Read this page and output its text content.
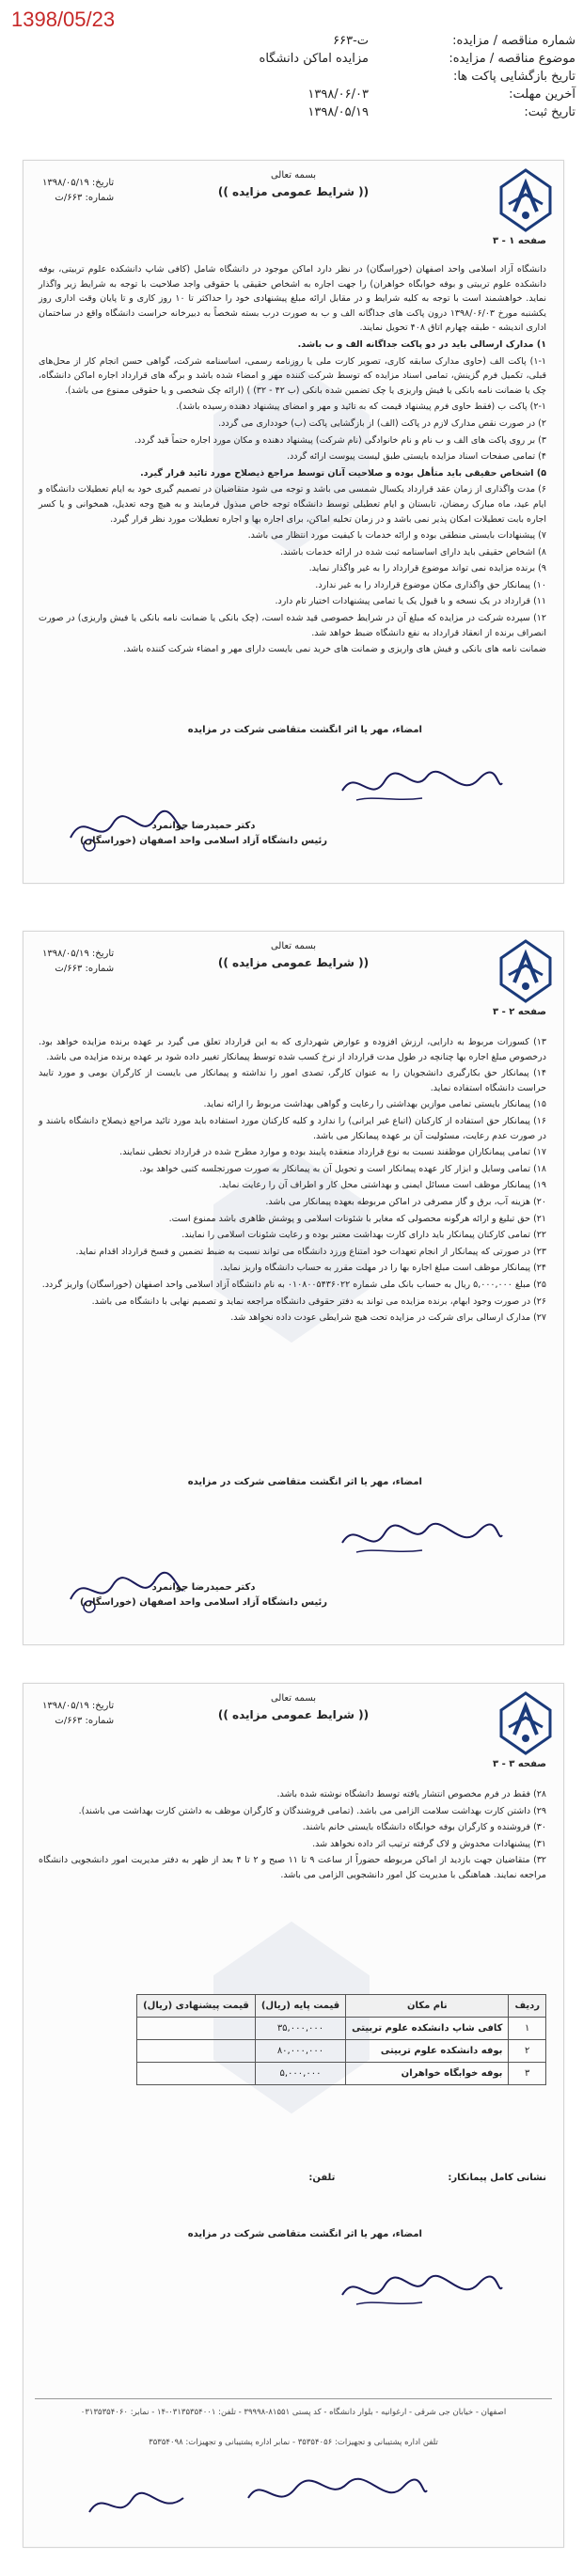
1398/05/23
شماره مناقصه / مزایده:
ت-۶۶۳
موضوع مناقصه / مزایده:
مزایده اماکن دانشگاه
تاریخ بازگشایی پاکت ها:
آخرین مهلت:
۱۳۹۸/۰۶/۰۳
تاریخ ثبت:
۱۳۹۸/۰۵/۱۹
بسمه تعالی
(( شرایط عمومی مزایده ))
تاریخ: ۱۳۹۸/۰۵/۱۹
شماره: ۶۶۳/ت
صفحه ۱ - ۳

دانشگاه آزاد اسلامی واحد اصفهان (خوراسگان) در نظر دارد اماکن موجود در دانشگاه شامل (کافی شاپ دانشکده علوم تربیتی، بوفه دانشکده علوم تربیتی و بوفه خوابگاه خواهران) را جهت اجاره به اشخاص حقیقی یا حقوقی واجد صلاحیت با توجه به شرایط زیر واگذار نماید. خواهشمند است با توجه به کلیه شرایط و در مقابل ارائه مبلغ پیشنهادی خود را حداکثر تا ۱۰ روز کاری و تا پایان وقت اداری روز یکشنبه مورخ ۱۳۹۸/۰۶/۰۳ درون پاکت های جداگانه الف و ب به صورت درب بسته شخصاً به دبیرخانه حراست دانشگاه واقع در ساختمان اداری اندیشه - طبقه چهارم اتاق ۴۰۸ تحویل نمایند.

۱) مدارک ارسالی باید در دو پاکت جداگانه الف و ب باشد.

۱-۱) پاکت الف (حاوی مدارک سابقه کاری، تصویر کارت ملی یا روزنامه رسمی، اساسنامه شرکت، گواهی حسن انجام کار از محل‌های قبلی، تکمیل فرم گزینش، تمامی اسناد مزایده که توسط شرکت کننده مهر و امضاء شده باشد و برگه های قرارداد اجاره اماکن دانشگاه، چک یا ضمانت نامه بانکی یا فیش واریزی یا چک تضمین شده بانکی (ب ۴۲ - ۳۲) ) (ارائه چک شخصی و یا حقوقی ممنوع می باشد).

۲-۱) پاکت ب (فقط حاوی فرم پیشنهاد قیمت که به تائید و مهر و امضای پیشنهاد دهنده رسیده باشد).

۲) در صورت نقص مدارک لازم در پاکت (الف) از بازگشایی پاکت (ب) خودداری می گردد.

۳) بر روی پاکت های الف و ب نام و نام خانوادگی (نام شرکت) پیشنهاد دهنده و مکان مورد اجاره حتماً قید گردد.

۴) تمامی صفحات اسناد مزایده بایستی طبق لیست پیوست ارائه گردد.

۵) اشخاص حقیقی باید متأهل بوده و صلاحیت آنان توسط مراجع ذیصلاح مورد تائید قرار گیرد.

۶) مدت واگذاری از زمان عقد قرارداد یکسال شمسی می باشد و توجه می شود متقاضیان در تصمیم گیری خود به ایام تعطیلات دانشگاه و ایام عید، ماه مبارک رمضان، تابستان و ایام تعطیلی توسط دانشگاه توجه خاص مبذول فرمایند و به هیچ وجه تعدیل، همخوانی و یا کسر اجاره بابت تعطیلات امکان پذیر نمی باشد و در زمان تخلیه اماکن، برای اجاره بها و اجاره تعطیلات مورد نظر قرار گیرد.

۷) پیشنهادات بایستی منطقی بوده و ارائه خدمات با کیفیت مورد انتظار می باشد.

۸) اشخاص حقیقی باید دارای اساسنامه ثبت شده در ارائه خدمات باشند.

۹) برنده مزایده نمی تواند موضوع قرارداد را به غیر واگذار نماید.

۱۰) پیمانکار حق واگذاری مکان موضوع قرارداد را به غیر ندارد.

۱۱) قرارداد در یک نسخه و با قبول یک یا تمامی پیشنهادات اختیار تام دارد.

۱۲) سپرده شرکت در مزایده که مبلغ آن در شرایط خصوصی قید شده است، (چک بانکی یا ضمانت نامه بانکی یا فیش واریزی) در صورت انصراف برنده از انعقاد قرارداد به نفع دانشگاه ضبط خواهد شد.

ضمانت نامه های بانکی و فیش های واریزی و ضمانت های خرید نمی بایست دارای مهر و امضاء شرکت کننده باشد.

امضاء، مهر یا اثر انگشت متقاضی شرکت در مزایده
دکتر حمیدرضا جوانمرد
رئیس دانشگاه آزاد اسلامی واحد اصفهان (خوراسگان)
بسمه تعالی
(( شرایط عمومی مزایده ))
تاریخ: ۱۳۹۸/۰۵/۱۹
شماره: ۶۶۳/ت
صفحه ۲ - ۳

۱۳) کسورات مربوط به دارایی، ارزش افزوده و عوارض شهرداری که به این قرارداد تعلق می گیرد بر عهده برنده مزایده خواهد بود. درخصوص مبلغ اجاره بها چنانچه در طول مدت قرارداد از نرخ کسب شده توسط پیمانکار تغییر داده شود بر عهده برنده مزایده می باشد.

۱۴) پیمانکار حق بکارگیری دانشجویان را به عنوان کارگر، تصدی امور را نداشته و پیمانکار می بایست از کارگران بومی و مورد تایید حراست دانشگاه استفاده نماید.

۱۵) پیمانکار بایستی تمامی موازین بهداشتی را رعایت و گواهی بهداشت مربوط را ارائه نماید.

۱۶) پیمانکار حق استفاده از کارکنان (اتباع غیر ایرانی) را ندارد و کلیه کارکنان مورد استفاده باید مورد تائید مراجع ذیصلاح دانشگاه باشند و در صورت عدم رعایت، مسئولیت آن بر عهده پیمانکار می باشد.

۱۷) تمامی پیمانکاران موظفند نسبت به نوع قرارداد منعقده پایبند بوده و موارد مطرح شده در قرارداد تخطی ننمایند.

۱۸) تمامی وسایل و ابزار کار عهده پیمانکار است و تحویل آن به پیمانکار به صورت صورتجلسه کتبی خواهد بود.

۱۹) پیمانکار موظف است مسائل ایمنی و بهداشتی محل کار و اطراف آن را رعایت نماید.

۲۰) هزینه آب، برق و گاز مصرفی در اماکن مربوطه بعهده پیمانکار می باشد.

۲۱) حق تبلیغ و ارائه هرگونه محصولی که مغایر با شئونات اسلامی و پوشش ظاهری باشد ممنوع است.

۲۲) تمامی کارکنان پیمانکار باید دارای کارت بهداشت معتبر بوده و رعایت شئونات اسلامی را نمایند.

۲۳) در صورتی که پیمانکار از انجام تعهدات خود امتناع ورزد دانشگاه می تواند نسبت به ضبط تضمین و فسخ قرارداد اقدام نماید.

۲۴) پیمانکار موظف است مبلغ اجاره بها را در مهلت مقرر به حساب دانشگاه واریز نماید.

۲۵) مبلغ ۵,۰۰۰,۰۰۰ ریال به حساب بانک ملی شماره ۰۱۰۸۰۰۵۴۳۶۰۲۲ به نام دانشگاه آزاد اسلامی واحد اصفهان (خوراسگان) واریز گردد.

۲۶) در صورت وجود ابهام، برنده مزایده می تواند به دفتر حقوقی دانشگاه مراجعه نماید و تصمیم نهایی با دانشگاه می باشد.

۲۷) مدارک ارسالی برای شرکت در مزایده تحت هیچ شرایطی عودت داده نخواهد شد.

امضاء، مهر یا اثر انگشت متقاضی شرکت در مزایده
دکتر حمیدرضا جوانمرد
رئیس دانشگاه آزاد اسلامی واحد اصفهان (خوراسگان)
بسمه تعالی
(( شرایط عمومی مزایده ))
تاریخ: ۱۳۹۸/۰۵/۱۹
شماره: ۶۶۳/ت
صفحه ۳ - ۳

۲۸) فقط در فرم مخصوص انتشار یافته توسط دانشگاه نوشته شده باشد.

۲۹) داشتن کارت بهداشت سلامت الزامی می باشد. (تمامی فروشندگان و کارگران موظف به داشتن کارت بهداشت می باشند).

۳۰) فروشنده و کارگران بوفه خوابگاه دانشگاه بایستی خانم باشند.

۳۱) پیشنهادات مخدوش و لاک گرفته ترتیب اثر داده نخواهد شد.

۳۲) متقاضیان جهت بازدید از اماکن مربوطه حضوراً از ساعت ۹ تا ۱۱ صبح و ۲ تا ۴ بعد از ظهر به دفتر مدیریت امور دانشجویی دانشگاه مراجعه نمایند. هماهنگی با مدیریت کل امور دانشجویی الزامی می باشد.

ردیف	نام مکان	قیمت پایه (ریال)	قیمت پیشنهادی (ریال)
۱	کافی شاپ دانشکده علوم تربیتی	۳۵,۰۰۰,۰۰۰	
۲	بوفه دانشکده علوم تربیتی	۸۰,۰۰۰,۰۰۰	
۳	بوفه خوابگاه خواهران	۵,۰۰۰,۰۰۰	
نشانی کامل پیمانکار:
تلفن:
امضاء، مهر یا اثر انگشت متقاضی شرکت در مزایده
اصفهان - خیابان جی شرقی - ارغوانیه - بلوار دانشگاه - کد پستی ۸۱۵۵۱-۳۹۹۹۸ - تلفن: ۰۳۱۳۵۳۵۴۰۰۱-۱۴ - نمابر: ۰۳۱۳۵۳۵۴۰۶۰
تلفن اداره پشتیبانی و تجهیزات: ۳۵۳۵۴۰۵۶ - نمابر اداره پشتیبانی و تجهیزات: ۳۵۳۵۴۰۹۸
